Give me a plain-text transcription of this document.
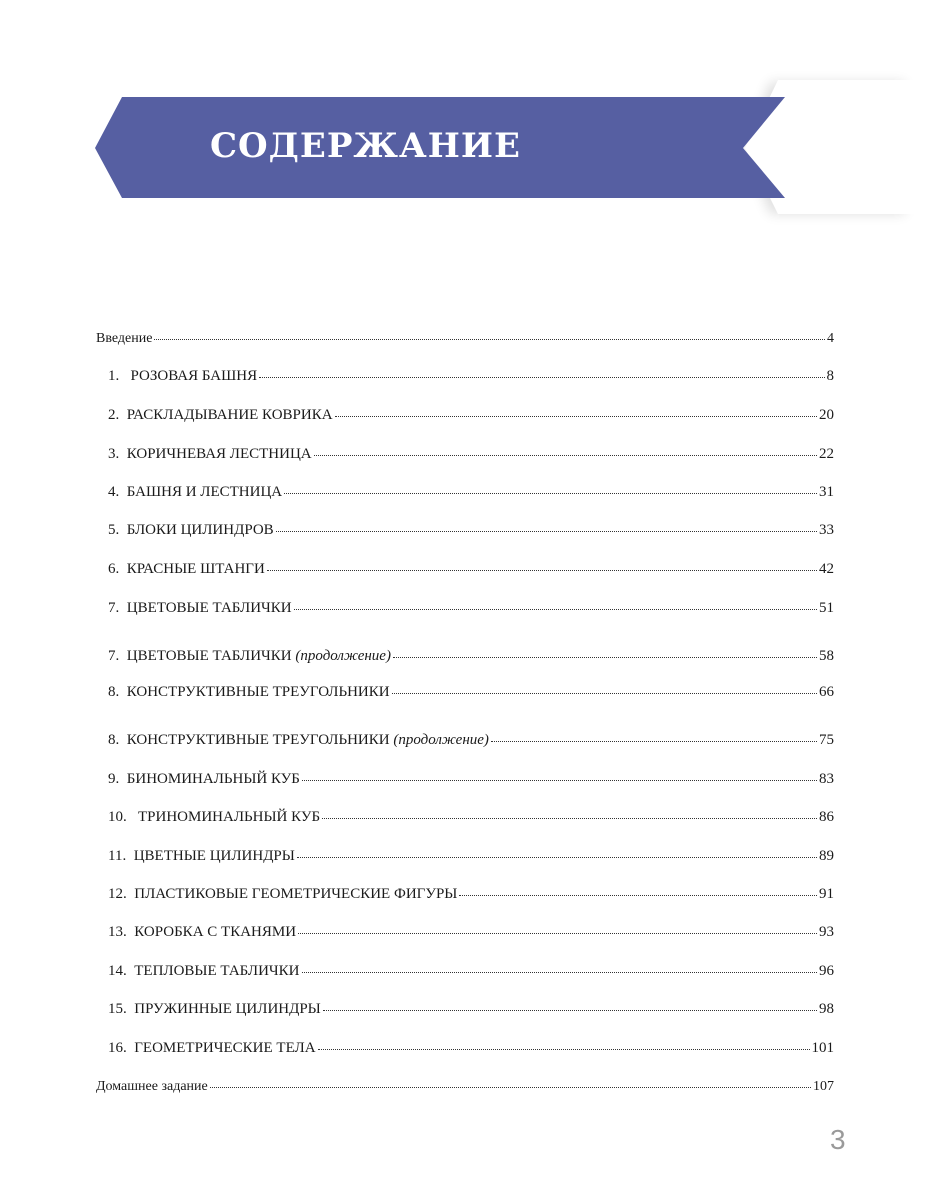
СОДЕРЖАНИЕ
Введение	4
1. РОЗОВАЯ БАШНЯ	8
2. РАСКЛАДЫВАНИЕ КОВРИКА	20
3. КОРИЧНЕВАЯ ЛЕСТНИЦА	22
4. БАШНЯ И ЛЕСТНИЦА	31
5. БЛОКИ ЦИЛИНДРОВ	33
6. КРАСНЫЕ ШТАНГИ	42
7. ЦВЕТОВЫЕ ТАБЛИЧКИ	51
7. ЦВЕТОВЫЕ ТАБЛИЧКИ (продолжение)	58
8. КОНСТРУКТИВНЫЕ ТРЕУГОЛЬНИКИ	66
8. КОНСТРУКТИВНЫЕ ТРЕУГОЛЬНИКИ (продолжение)	75
9. БИНОМИНАЛЬНЫЙ КУБ	83
10. ТРИНОМИНАЛЬНЫЙ КУБ	86
11. ЦВЕТНЫЕ ЦИЛИНДРЫ	89
12. ПЛАСТИКОВЫЕ ГЕОМЕТРИЧЕСКИЕ ФИГУРЫ	91
13. КОРОБКА С ТКАНЯМИ	93
14. ТЕПЛОВЫЕ ТАБЛИЧКИ	96
15. ПРУЖИННЫЕ ЦИЛИНДРЫ	98
16. ГЕОМЕТРИЧЕСКИЕ ТЕЛА	101
Домашнее задание	107
3
